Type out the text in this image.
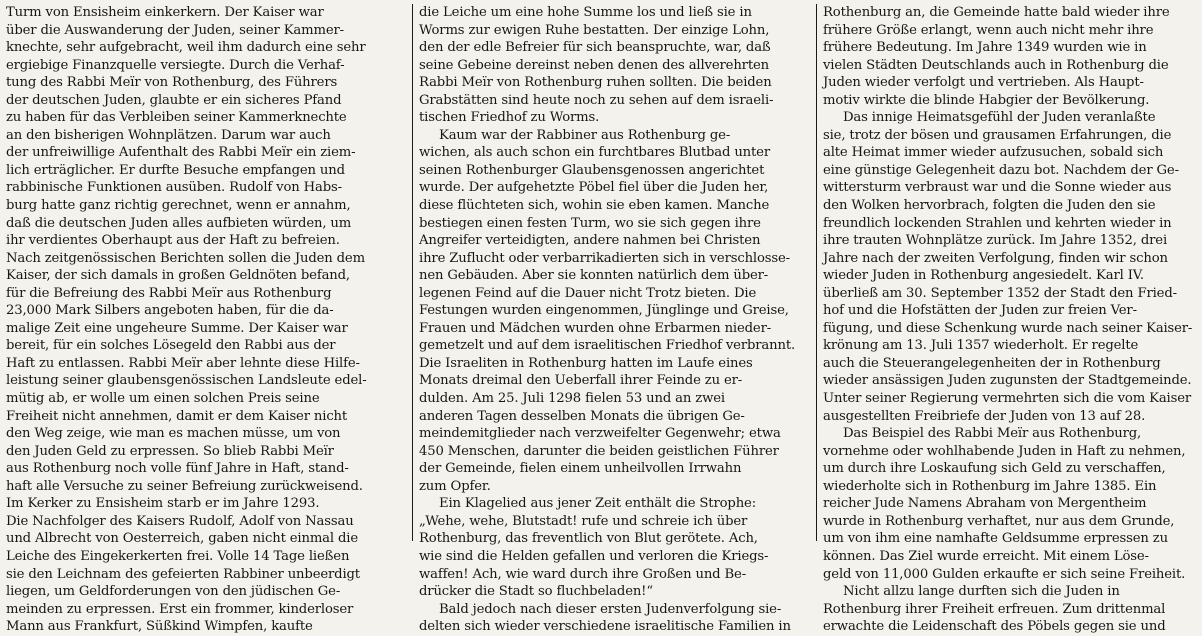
Turm von Ensisheim einkerkern. Der Kaiser war
über die Auswanderung der Juden, seiner Kammer-
knechte, sehr aufgebracht, weil ihm dadurch eine sehr
ergiebige Finanzquelle versiegte. Durch die Verhaf-
tung des Rabbi Meïr von Rothenburg, des Führers
der deutschen Juden, glaubte er ein sicheres Pfand
zu haben für das Verbleiben seiner Kammerknechte
an den bisherigen Wohnplätzen. Darum war auch
der unfreiwillige Aufenthalt des Rabbi Meïr ein ziem-
lich erträglicher. Er durfte Besuche empfangen und
rabbinische Funktionen ausüben. Rudolf von Habs-
burg hatte ganz richtig gerechnet, wenn er annahm,
daß die deutschen Juden alles aufbieten würden, um
ihr verdientes Oberhaupt aus der Haft zu befreien.
Nach zeitgenössischen Berichten sollen die Juden dem
Kaiser, der sich damals in großen Geldnöten befand,
für die Befreiung des Rabbi Meïr aus Rothenburg
23,000 Mark Silbers angeboten haben, für die da-
malige Zeit eine ungeheure Summe. Der Kaiser war
bereit, für ein solches Lösegeld den Rabbi aus der
Haft zu entlassen. Rabbi Meïr aber lehnte diese Hilfe-
leistung seiner glaubensgenössischen Landsleute edel-
mütig ab, er wolle um einen solchen Preis seine
Freiheit nicht annehmen, damit er dem Kaiser nicht
den Weg zeige, wie man es machen müsse, um von
den Juden Geld zu erpressen. So blieb Rabbi Meïr
aus Rothenburg noch volle fünf Jahre in Haft, stand-
haft alle Versuche zu seiner Befreiung zurückweisend.
Im Kerker zu Ensisheim starb er im Jahre 1293.
Die Nachfolger des Kaisers Rudolf, Adolf von Nassau
und Albrecht von Oesterreich, gaben nicht einmal die
Leiche des Eingekerkerten frei. Volle 14 Tage ließen
sie den Leichnam des gefeierten Rabbiner unbeerdigt
liegen, um Geldforderungen von den jüdischen Ge-
meinden zu erpressen. Erst ein frommer, kinderloser
Mann aus Frankfurt, Süßkind Wimpfen, kaufte
die Leiche um eine hohe Summe los und ließ sie in
Worms zur ewigen Ruhe bestatten. Der einzige Lohn,
den der edle Befreier für sich beanspruchte, war, daß
seine Gebeine dereinst neben denen des allverehrten
Rabbi Meïr von Rothenburg ruhen sollten. Die beiden
Grabstätten sind heute noch zu sehen auf dem israeli-
tischen Friedhof zu Worms.
Kaum war der Rabbiner aus Rothenburg ge-
wichen, als auch schon ein furchtbares Blutbad unter
seinen Rothenburger Glaubensgenossen angerichtet
wurde. Der aufgehetzte Pöbel fiel über die Juden her,
diese flüchteten sich, wohin sie eben kamen. Manche
bestiegen einen festen Turm, wo sie sich gegen ihre
Angreifer verteidigten, andere nahmen bei Christen
ihre Zuflucht oder verbarrikadierten sich in verschlosse-
nen Gebäuden. Aber sie konnten natürlich dem über-
legenen Feind auf die Dauer nicht Trotz bieten. Die
Festungen wurden eingenommen, Jünglinge und Greise,
Frauen und Mädchen wurden ohne Erbarmen nieder-
gemetzelt und auf dem israelitischen Friedhof verbrannt.
Die Israeliten in Rothenburg hatten im Laufe eines
Monats dreimal den Ueberfall ihrer Feinde zu er-
dulden. Am 25. Juli 1298 fielen 53 und an zwei
anderen Tagen desselben Monats die übrigen Ge-
meindemitglieder nach verzweifelter Gegenwehr; etwa
450 Menschen, darunter die beiden geistlichen Führer
der Gemeinde, fielen einem unheilvollen Irrwahn
zum Opfer.
Ein Klagelied aus jener Zeit enthält die Strophe:
„Wehe, wehe, Blutstadt! rufe und schreie ich über
Rothenburg, das freventlich von Blut gerötete. Ach,
wie sind die Helden gefallen und verloren die Kriegs-
waffen! Ach, wie ward durch ihre Großen und Be-
drücker die Stadt so fluchbeladen!“
Bald jedoch nach dieser ersten Judenverfolgung sie-
delten sich wieder verschiedene israelitische Familien in
Rothenburg an, die Gemeinde hatte bald wieder ihre
frühere Größe erlangt, wenn auch nicht mehr ihre
frühere Bedeutung. Im Jahre 1349 wurden wie in
vielen Städten Deutschlands auch in Rothenburg die
Juden wieder verfolgt und vertrieben. Als Haupt-
motiv wirkte die blinde Habgier der Bevölkerung.
Das innige Heimatsgefühl der Juden veranlaßte
sie, trotz der bösen und grausamen Erfahrungen, die
alte Heimat immer wieder aufzusuchen, sobald sich
eine günstige Gelegenheit dazu bot. Nachdem der Ge-
wittersturm verbraust war und die Sonne wieder aus
den Wolken hervorbrach, folgten die Juden den sie
freundlich lockenden Strahlen und kehrten wieder in
ihre trauten Wohnplätze zurück. Im Jahre 1352, drei
Jahre nach der zweiten Verfolgung, finden wir schon
wieder Juden in Rothenburg angesiedelt. Karl IV.
überließ am 30. September 1352 der Stadt den Fried-
hof und die Hofstätten der Juden zur freien Ver-
fügung, und diese Schenkung wurde nach seiner Kaiser-
krönung am 13. Juli 1357 wiederholt. Er regelte
auch die Steuerangelegenheiten der in Rothenburg
wieder ansässigen Juden zugunsten der Stadtgemeinde.
Unter seiner Regierung vermehrten sich die vom Kaiser
ausgestellten Freibriefe der Juden von 13 auf 28.
Das Beispiel des Rabbi Meïr aus Rothenburg,
vornehme oder wohlhabende Juden in Haft zu nehmen,
um durch ihre Loskaufung sich Geld zu verschaffen,
wiederholte sich in Rothenburg im Jahre 1385. Ein
reicher Jude Namens Abraham von Mergentheim
wurde in Rothenburg verhaftet, nur aus dem Grunde,
um von ihm eine namhafte Geldsumme erpressen zu
können. Das Ziel wurde erreicht. Mit einem Löse-
geld von 11,000 Gulden erkaufte er sich seine Freiheit.
Nicht allzu lange durften sich die Juden in
Rothenburg ihrer Freiheit erfreuen. Zum drittenmal
erwachte die Leidenschaft des Pöbels gegen sie und
